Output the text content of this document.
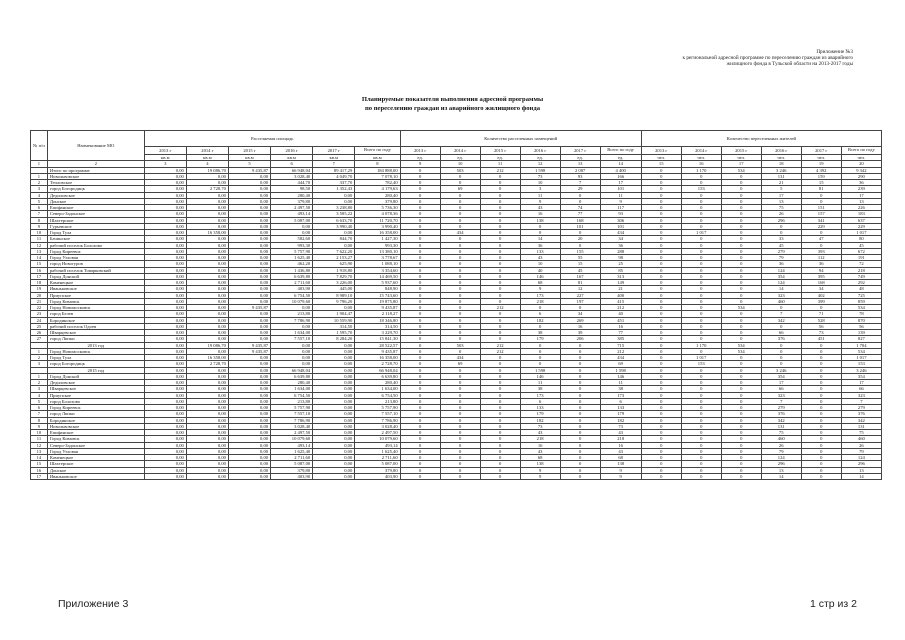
Приложение №3
к региональной адресной программе по переселению граждан из аварийного
жилищного фонда в Тульской области на 2013-2017 годы
Планируемые показатели выполнения адресной программы
по переселению граждан из аварийного жилищного фонда
№ п/п	Наименование МО	Расселяемая площадь						Количество расселенных помещений						Количество переселенных жителей					
		2013 г	2014 г	2015 г	2016 г	2017 г	Всего по году	2013 г	2014 г	2015 г	2016 г	2017 г	Всего по году	2013 г	2014 г	2015 г	2016 г	2017 г	Всего по году
		кв.м	кв.м	кв.м	кв.м	кв.м	кв.м	ед.	ед.	ед.	ед.	ед.	ед.	чел.	чел.	чел.	чел.	чел.	чел.
1	2	3	4	5	6	7	8	9	10	11	12	13	14	15	16	17	18	19	20
	Итого по программе	0,00	19 086,70	9 435,87	66 948,04	89 417,29	184 888,00	0	503	212	1 598	2 087	4 400	0	1 170	534	3 246	4 392	9 342
1	Новольвовское	0,00	0,00	0,00	3 028,40	4 049,70	7 078,10	0	0	0	73	93	166	0	0	0	131	159	290
2	Тепловское	0,00	0,00	0,00	444,70	337,70	782,40	0	0	0	10	7	17	0	0	0	21	15	36
3	город Богородицк	0,00	2 728,70	0,00	98,50	1 352,43	4 179,63	0	69	0	3	29	101	0	153	0	5	81	239
4	Дедиловское	0,00	0,00	0,00	280,40	0,00	280,40	0	0	0	11	0	11	0	0	0	17	0	17
5	Донское	0,00	0,00	0,00	379,80	0,00	379,80	0	0	0	9	0	9	0	0	0	13	0	13
6	Епифанское	0,00	0,00	0,00	2 497,50	3 238,80	5 736,30	0	0	0	43	74	117	0	0	0	75	151	226
7	Северо-Задонское	0,00	0,00	0,00	493,14	3 585,22	4 078,36	0	0	0	16	77	93	0	0	0	26	157	183
8	Шахтерское	0,00	0,00	0,00	5 087,00	6 633,70	11 720,70	0	0	0	138	168	306	0	0	0	296	341	637
9	Гурьевское	0,00	0,00	0,00	0,00	3 990,40	3 990,40	0	0	0	0	101	101	0	0	0	0	229	229
10	Город Тула	0,00	16 358,00	0,00	0,00	0,00	16 358,00	0	434	0	0	0	434	0	1 017	0	0	0	1 017
11	Бачинское	0,00	0,00	0,00	582,60	844,70	1 427,30	0	0	0	14	20	34	0	0	0	33	47	80
12	рабочий поселок Болохово	0,00	0,00	0,00	993,30	0,00	993,30	0	0	0	36	0	36	0	0	0	45	0	45
13	Город Киреевск	0,00	0,00	0,00	5 757,90	7 622,20	13 380,10	0	0	0	133	155	288	0	0	0	279	393	672
14	Город Узловая	0,00	0,00	0,00	1 625,40	2 153,27	3 778,67	0	0	0	43	55	98	0	0	0	79	112	191
15	город Новогуров	0,00	0,00	0,00	462,20	625,90	1 088,10	0	0	0	10	15	25	0	0	0	36	36	72
16	рабочий поселок Товарковский	0,00	0,00	0,00	1 436,80	1 918,80	3 354,60	0	0	0	40	45	85	0	0	0	124	94	218
17	Город Донской	0,00	0,00	0,00	6 639,80	7 829,70	14 469,50	0	0	0	146	167	313	0	0	0	354	395	749
18	Каменецкое	0,00	0,00	0,00	2 711,60	3 226,00	5 937,60	0	0	0	68	81	149	0	0	0	124	168	292
19	Иваньковское	0,00	0,00	0,00	403,90	445,00	848,90	0	0	0	9	12	21	0	0	0	14	34	48
20	Приупское	0,00	0,00	0,00	6 754,50	8 989,10	15 743,60	0	0	0	173	227	400	0	0	0	323	402	725
21	Город Кимовск	0,00	0,00	0,00	10 079,60	9 796,20	19 875,80	0	0	0	218	197	415	0	0	0	460	399	859
22	Город Новомосковск	0,00	0,00	9 435,87	0,00	0,00	9 435,87	0	0	212	0	0	212	0	0	534	0	0	534
23	город Белев	0,00	0,00	0,00	213,80	1 904,47	2 118,27	0	0	0	6	34	40	0	0	0	7	71	78
24	Бородинское	0,00	0,00	0,00	7 786,90	10 559,90	18 346,80	0	0	0	182	269	451	0	0	0	342	528	870
25	рабочий поселок Одоев	0,00	0,00	0,00	0,00	314,50	314,50	0	0	0	0	16	16	0	0	0	0	56	56
26	Шварцевское	0,00	0,00	0,00	1 634,00	1 595,70	3 229,70	0	0	0	38	39	77	0	0	0	66	73	139
27	город Липки	0,00	0,00	0,00	7 557,10	8 284,20	15 841,30	0	0	0	179	206	385	0	0	0	376	451	827
	2013 год	0,00	19 086,70	9 435,87	0,00	0,00	28 522,57	0	503	212	0	0	715	0	1 170	534	0	0	1 704
1	Город Новомосковск	0,00	0,00	9 435,87	0,00	0,00	9 435,87	0	0	212	0	0	212	0	0	534	0	0	534
2	Город Тула	0,00	16 358,00	0,00	0,00	0,00	16 358,00	0	434	0	0	0	434	0	1 017	0	0	0	1 017
3	город Богородицк	0,00	2 728,70	0,00	0,00	0,00	2 728,70	0	69	0	0	0	69	0	153	0	0	0	153
	2015 год	0,00	0,00	0,00	66 948,04	0,00	66 948,04	0	0	0	1 598	0	1 598	0	0	0	3 246	0	3 246
1	Город Донской	0,00	0,00	0,00	6 639,80	0,00	6 639,80	0	0	0	146	0	146	0	0	0	354	0	354
2	Дедиловское	0,00	0,00	0,00	280,40	0,00	280,40	0	0	0	11	0	11	0	0	0	17	0	17
3	Шварцевское	0,00	0,00	0,00	1 634,00	0,00	1 634,00	0	0	0	38	0	38	0	0	0	66	0	66
4	Приупское	0,00	0,00	0,00	6 754,50	0,00	6 754,50	0	0	0	173	0	173	0	0	0	323	0	323
5	город Болохово	0,00	0,00	0,00	213,80	0,00	213,80	0	0	0	6	0	6	0	0	0	7	0	7
6	Город Киреевск	0,00	0,00	0,00	5 757,90	0,00	5 757,90	0	0	0	133	0	133	0	0	0	279	0	279
7	город Липки	0,00	0,00	0,00	7 557,10	0,00	7 557,10	0	0	0	179	0	179	0	0	0	376	0	376
8	Бородинское	0,00	0,00	0,00	7 786,90	0,00	7 786,90	0	0	0	182	0	182	0	0	0	342	0	342
9	Новольвовское	0,00	0,00	0,00	3 028,40	0,00	3 028,40	0	0	0	73	0	73	0	0	0	131	0	131
10	Епифанское	0,00	0,00	0,00	2 497,50	0,00	2 497,50	0	0	0	43	0	43	0	0	0	75	0	75
11	Город Кимовск	0,00	0,00	0,00	10 079,60	0,00	10 079,60	0	0	0	218	0	218	0	0	0	460	0	460
12	Северо-Задонское	0,00	0,00	0,00	493,14	0,00	493,14	0	0	0	16	0	16	0	0	0	26	0	26
13	Город Узловая	0,00	0,00	0,00	1 625,40	0,00	1 625,40	0	0	0	43	0	43	0	0	0	79	0	79
14	Каменецкое	0,00	0,00	0,00	2 711,60	0,00	2 711,60	0	0	0	68	0	68	0	0	0	124	0	124
15	Шахтерское	0,00	0,00	0,00	5 087,00	0,00	5 087,00	0	0	0	138	0	138	0	0	0	296	0	296
16	Донское	0,00	0,00	0,00	379,80	0,00	379,80	0	0	0	9	0	9	0	0	0	13	0	13
17	Иваньковское	0,00	0,00	0,00	403,90	0,00	403,90	0	0	0	9	0	9	0	0	0	14	0	14
Приложение 3	1 стр из 2
